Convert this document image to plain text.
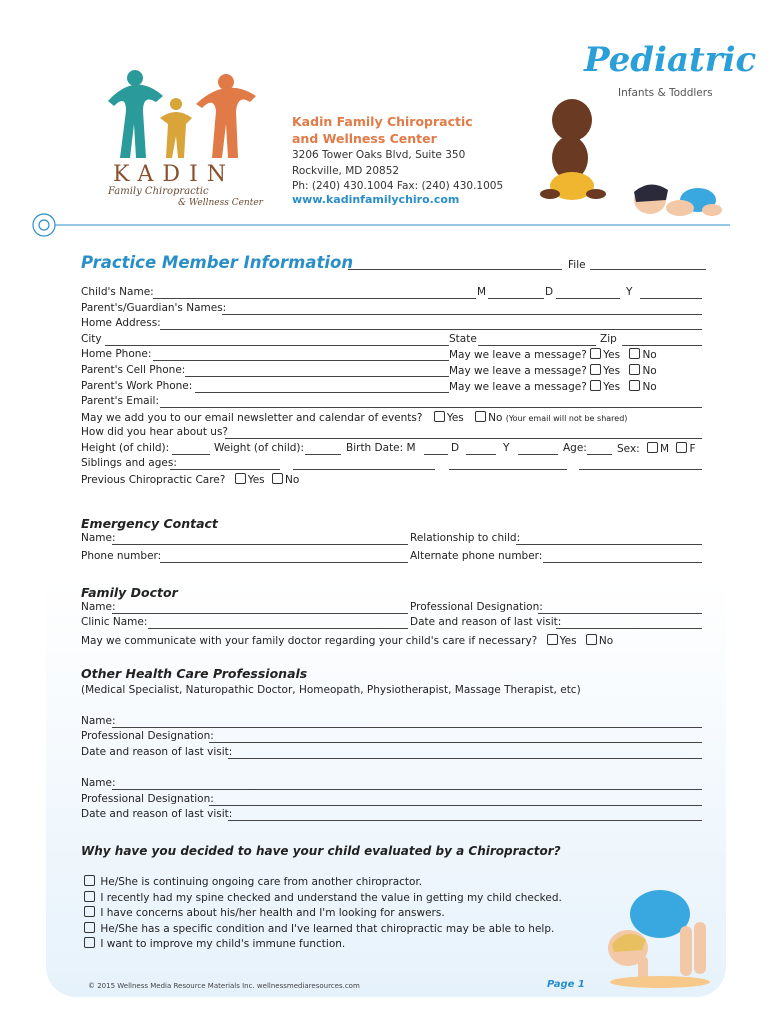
KADIN
Family Chiropractic
& Wellness Center
Kadin Family Chiropractic
and Wellness Center
3206 Tower Oaks Blvd, Suite 350
Rockville, MD 20852
Ph: (240) 430.1004 Fax: (240) 430.1005
www.kadinfamilychiro.com
Pediatric
Infants & Toddlers
Practice Member Information	File
Child's Name:	M	D	Y
Parent's/Guardian's Names:
Home Address:
City	State	Zip
Home Phone:	May we leave a message? Yes No
Parent's Cell Phone:	May we leave a message? Yes No
Parent's Work Phone:	May we leave a message? Yes No
Parent's Email:
May we add you to our email newsletter and calendar of events? Yes No (Your email will not be shared)
How did you hear about us?
Height (of child):	Weight (of child):	Birth Date: M	D	Y	Age:	Sex: M F
Siblings and ages:
Previous Chiropractic Care? Yes No
Emergency Contact
Name:	Relationship to child:
Phone number:	Alternate phone number:
Family Doctor
Name:	Professional Designation:
Clinic Name:	Date and reason of last visit:
May we communicate with your family doctor regarding your child's care if necessary? Yes No
Other Health Care Professionals
(Medical Specialist, Naturopathic Doctor, Homeopath, Physiotherapist, Massage Therapist, etc)
Name:
Professional Designation:
Date and reason of last visit:
Name:
Professional Designation:
Date and reason of last visit:
Why have you decided to have your child evaluated by a Chiropractor?
He/She is continuing ongoing care from another chiropractor.
I recently had my spine checked and understand the value in getting my child checked.
I have concerns about his/her health and I'm looking for answers.
He/She has a specific condition and I've learned that chiropractic may be able to help.
I want to improve my child's immune function.
© 2015 Wellness Media Resource Materials Inc. wellnessmediaresources.com	Page 1
